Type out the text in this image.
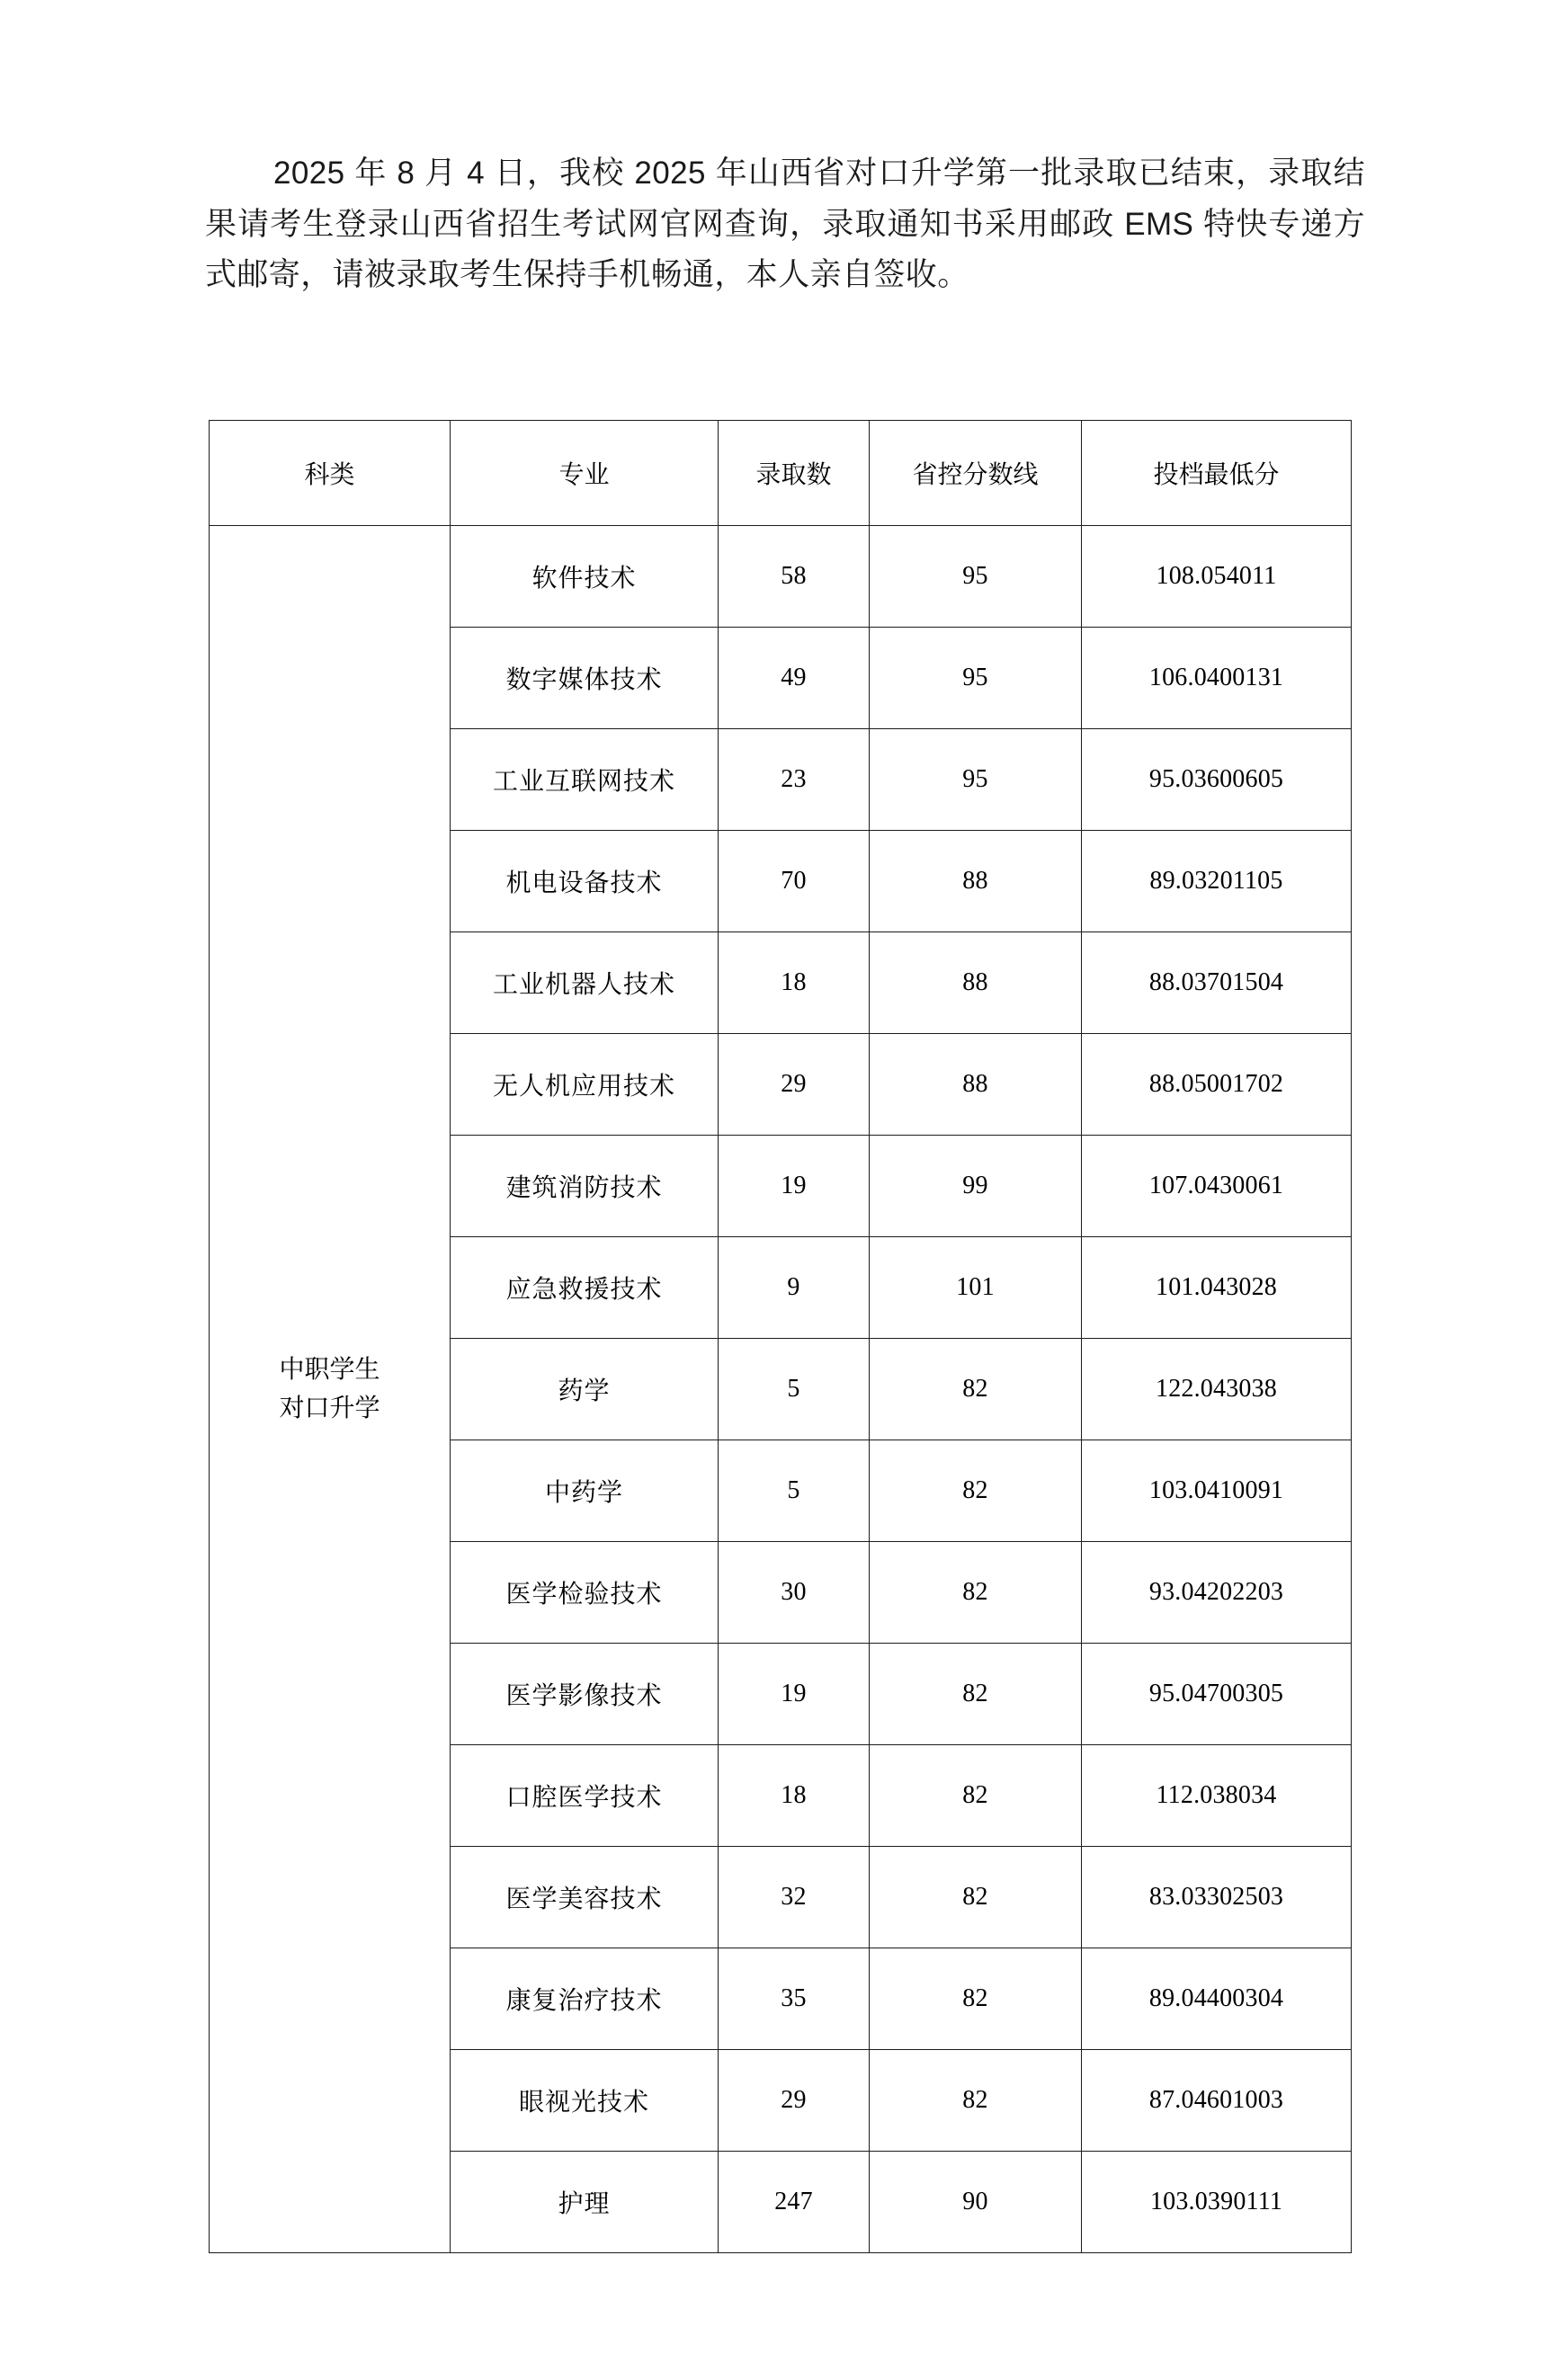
2025 年 8 月 4 日，我校 2025 年山西省对口升学第一批录取已结束，录取结果请考生登录山西省招生考试网官网查询，录取通知书采用邮政 EMS 特快专递方式邮寄，请被录取考生保持手机畅通，本人亲自签收。

科类	专业	录取数	省控分数线	投档最低分

中职学生
对口升学	软件技术	58	95	108.054011
	数字媒体技术	49	95	106.0400131
	工业互联网技术	23	95	95.03600605
	机电设备技术	70	88	89.03201105
	工业机器人技术	18	88	88.03701504
	无人机应用技术	29	88	88.05001702
	建筑消防技术	19	99	107.0430061
	应急救援技术	9	101	101.043028
	药学	5	82	122.043038
	中药学	5	82	103.0410091
	医学检验技术	30	82	93.04202203
	医学影像技术	19	82	95.04700305
	口腔医学技术	18	82	112.038034
	医学美容技术	32	82	83.03302503
	康复治疗技术	35	82	89.04400304
	眼视光技术	29	82	87.04601003
	护理	247	90	103.0390111
